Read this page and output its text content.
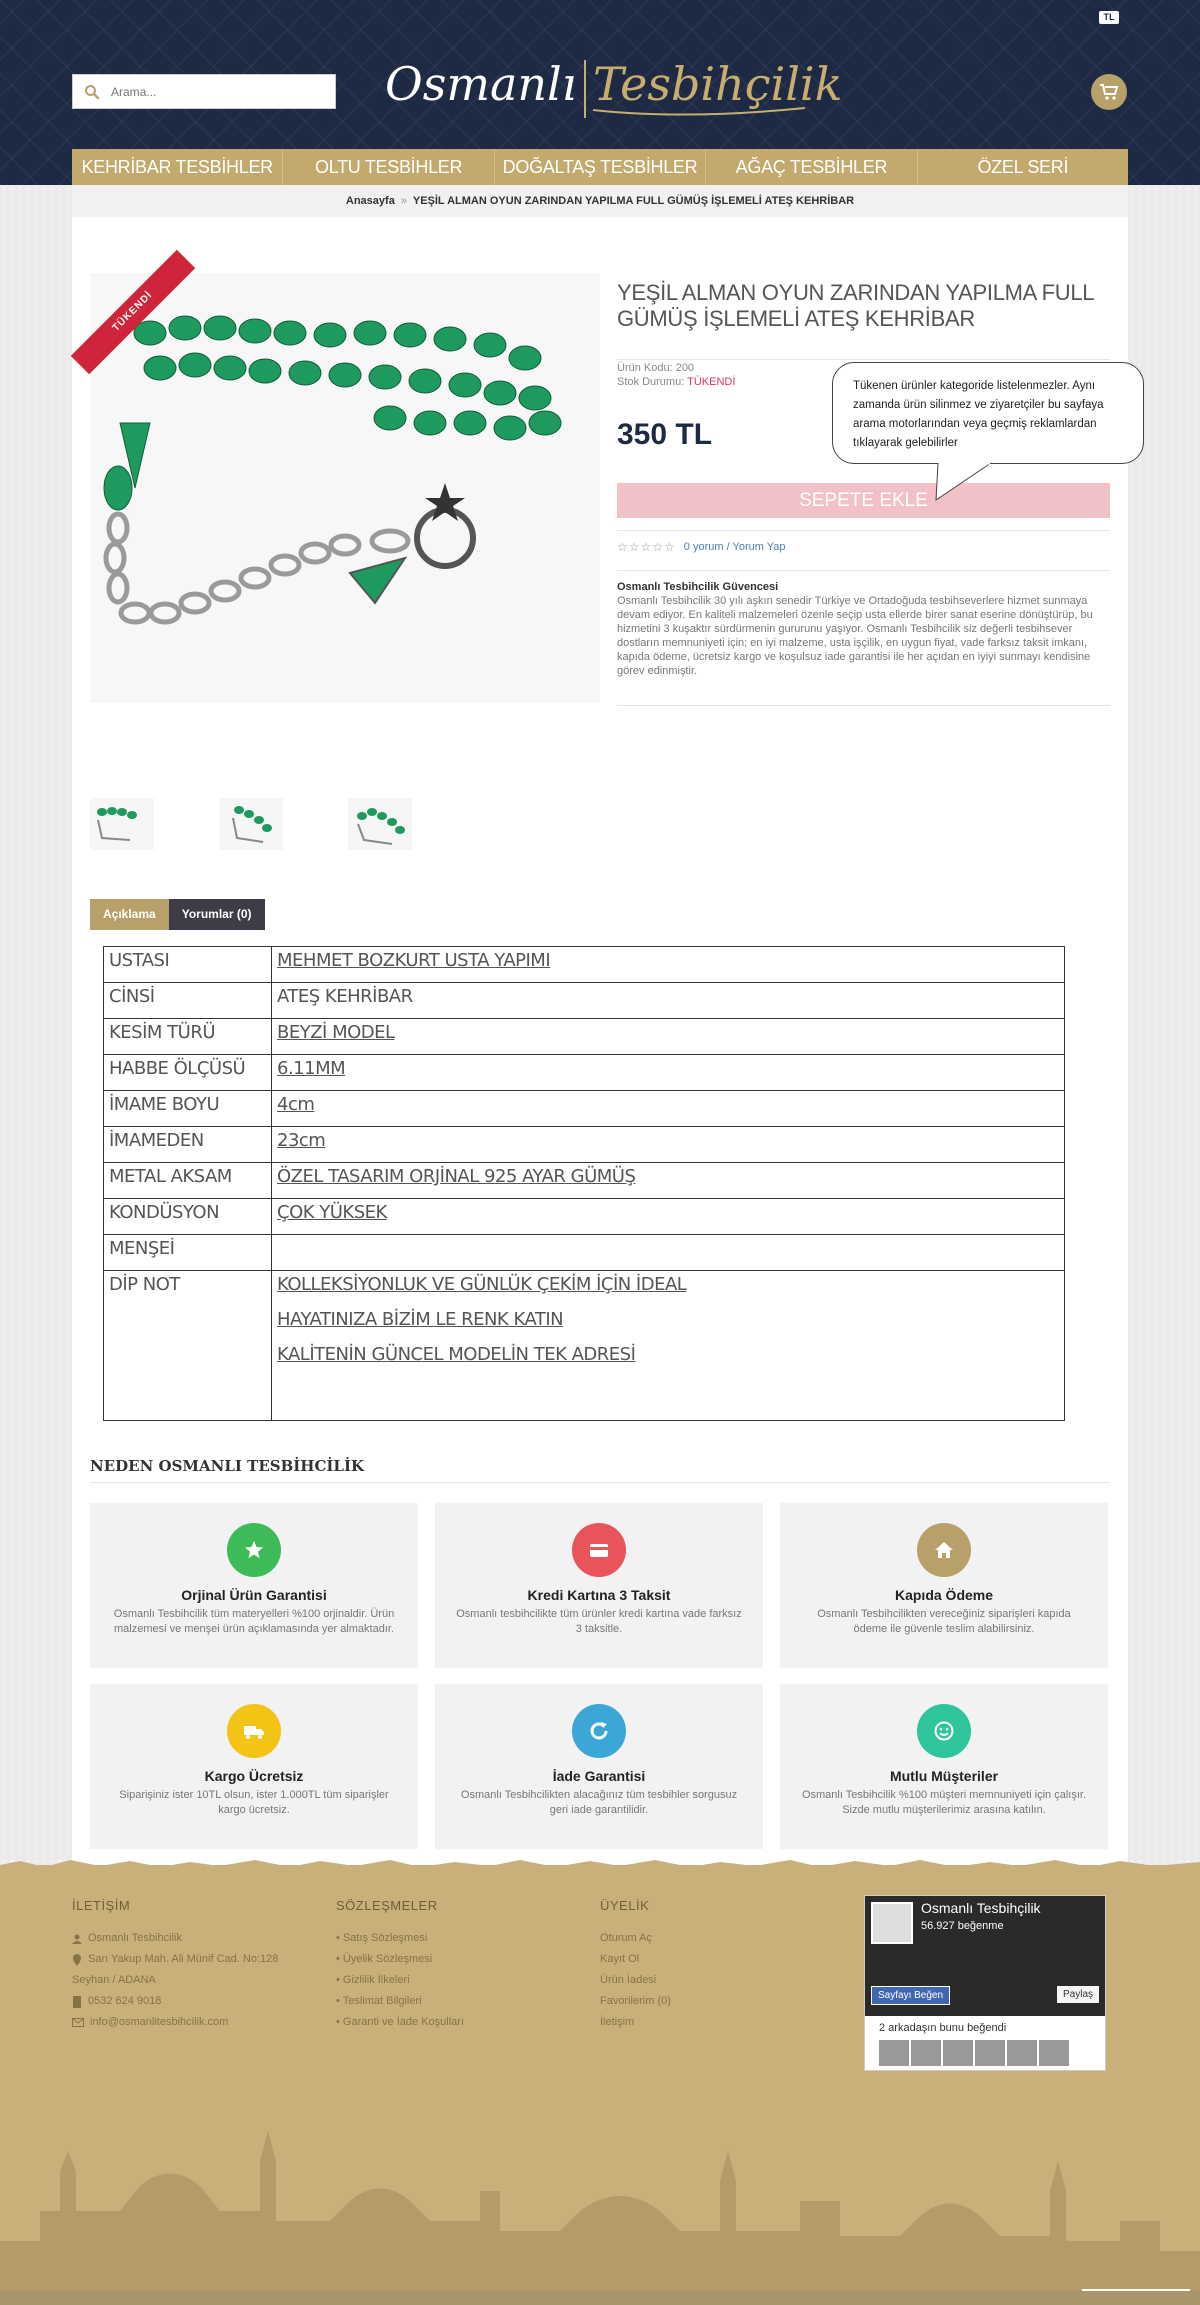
TL
Arama...
Osmanlı Tesbihçilik
KEHRİBAR TESBİHLER	OLTU TESBİHLER	DOĞALTAŞ TESBİHLER	AĞAÇ TESBİHLER	ÖZEL SERİ
Anasayfa » YEŞİL ALMAN OYUN ZARINDAN YAPILMA FULL GÜMÜŞ İŞLEMELİ ATEŞ KEHRİBAR
TÜKENDİ	YEŞİL ALMAN OYUN ZARINDAN YAPILMA FULL GÜMÜŞ İŞLEMELİ ATEŞ KEHRİBAR
Ürün Kodu: 200
Stok Durumu: TÜKENDİ
350 TL
SEPETE EKLE
☆☆☆☆☆ 0 yorum / Yorum Yap
Osmanlı Tesbihcilik Güvencesi
Osmanlı Tesbihcilik 30 yılı aşkın senedir Türkiye ve Ortadoğuda tesbihseverlere hizmet sunmaya devam ediyor. En kaliteli malzemeleri özenle seçip usta ellerde birer sanat eserine dönüştürüp, bu hizmetini 3 kuşaktır sürdürmenin gururunu yaşıyor. Osmanlı Tesbihcilik siz değerli tesbihsever dostların memnuniyeti için; en iyi malzeme, usta işçilik, en uygun fiyat, vade farksız taksit imkanı, kapıda ödeme, ücretsiz kargo ve koşulsuz iade garantisi ile her açıdan en iyiyi sunmayı kendisine görev edinmiştir.
Açıklama	Yorumlar (0)
USTASI	MEHMET BOZKURT USTA YAPIMI
CİNSİ	ATEŞ KEHRİBAR
KESİM TÜRÜ	BEYZİ MODEL
HABBE ÖLÇÜSÜ	6.11MM
İMAME BOYU	4cm
İMAMEDEN	23cm
METAL AKSAM	ÖZEL TASARIM ORJİNAL 925 AYAR GÜMÜŞ
KONDÜSYON	ÇOK YÜKSEK
MENŞEİ	
DİP NOT	KOLLEKSİYONLUK VE GÜNLÜK ÇEKİM İÇİN İDEAL
HAYATINIZA BİZİM LE RENK KATIN
KALİTENİN GÜNCEL MODELİN TEK ADRESİ
NEDEN OSMANLI TESBİHCİLİK
Orjinal Ürün Garantisi

Osmanlı Tesbihcilik tüm materyelleri %100 orjinaldir. Ürün malzemesi ve menşei ürün açıklamasında yer almaktadır.

Kredi Kartına 3 Taksit

Osmanlı tesbihcilikte tüm ürünler kredi kartına vade farksız 3 taksitle.

Kapıda Ödeme

Osmanlı Tesbihcilikten vereceğiniz siparişleri kapıda ödeme ile güvenle teslim alabilirsiniz.

Kargo Ücretsiz

Siparişiniz ister 10TL olsun, ister 1.000TL tüm siparişler kargo ücretsiz.

İade Garantisi

Osmanlı Tesbihcilikten alacağınız tüm tesbihler sorgusuz geri iade garantilidir.

Mutlu Müşteriler

Osmanlı Tesbihcilik %100 müşteri memnuniyeti için çalışır. Sizde mutlu müşterilerimiz arasına katılın.

Tükenen ürünler kategoride listelenmezler. Aynı zamanda ürün silinmez ve ziyaretçiler bu sayfaya arama motorlarından veya geçmiş reklamlardan tıklayarak gelebilirler
İLETİŞİM
Osmanlı Tesbihcilik
Sarı Yakup Mah. Ali Münif Cad. No:128
Seyhan / ADANA
0532 624 9018
info@osmanlitesbihcilik.com
SÖZLEŞMELER
• Satış Sözleşmesi
• Üyelik Sözleşmesi
• Gizlilik İlkeleri
• Teslimat Bilgileri
• Garanti ve İade Koşulları
ÜYELİK
Oturum Aç
Kayıt Ol
Ürün İadesi
Favorilerim (0)
İletişim
Osmanlı Tesbihçilik
56.927 beğenme
Sayfayı Beğen	Paylaş
2 arkadaşın bunu beğendi
